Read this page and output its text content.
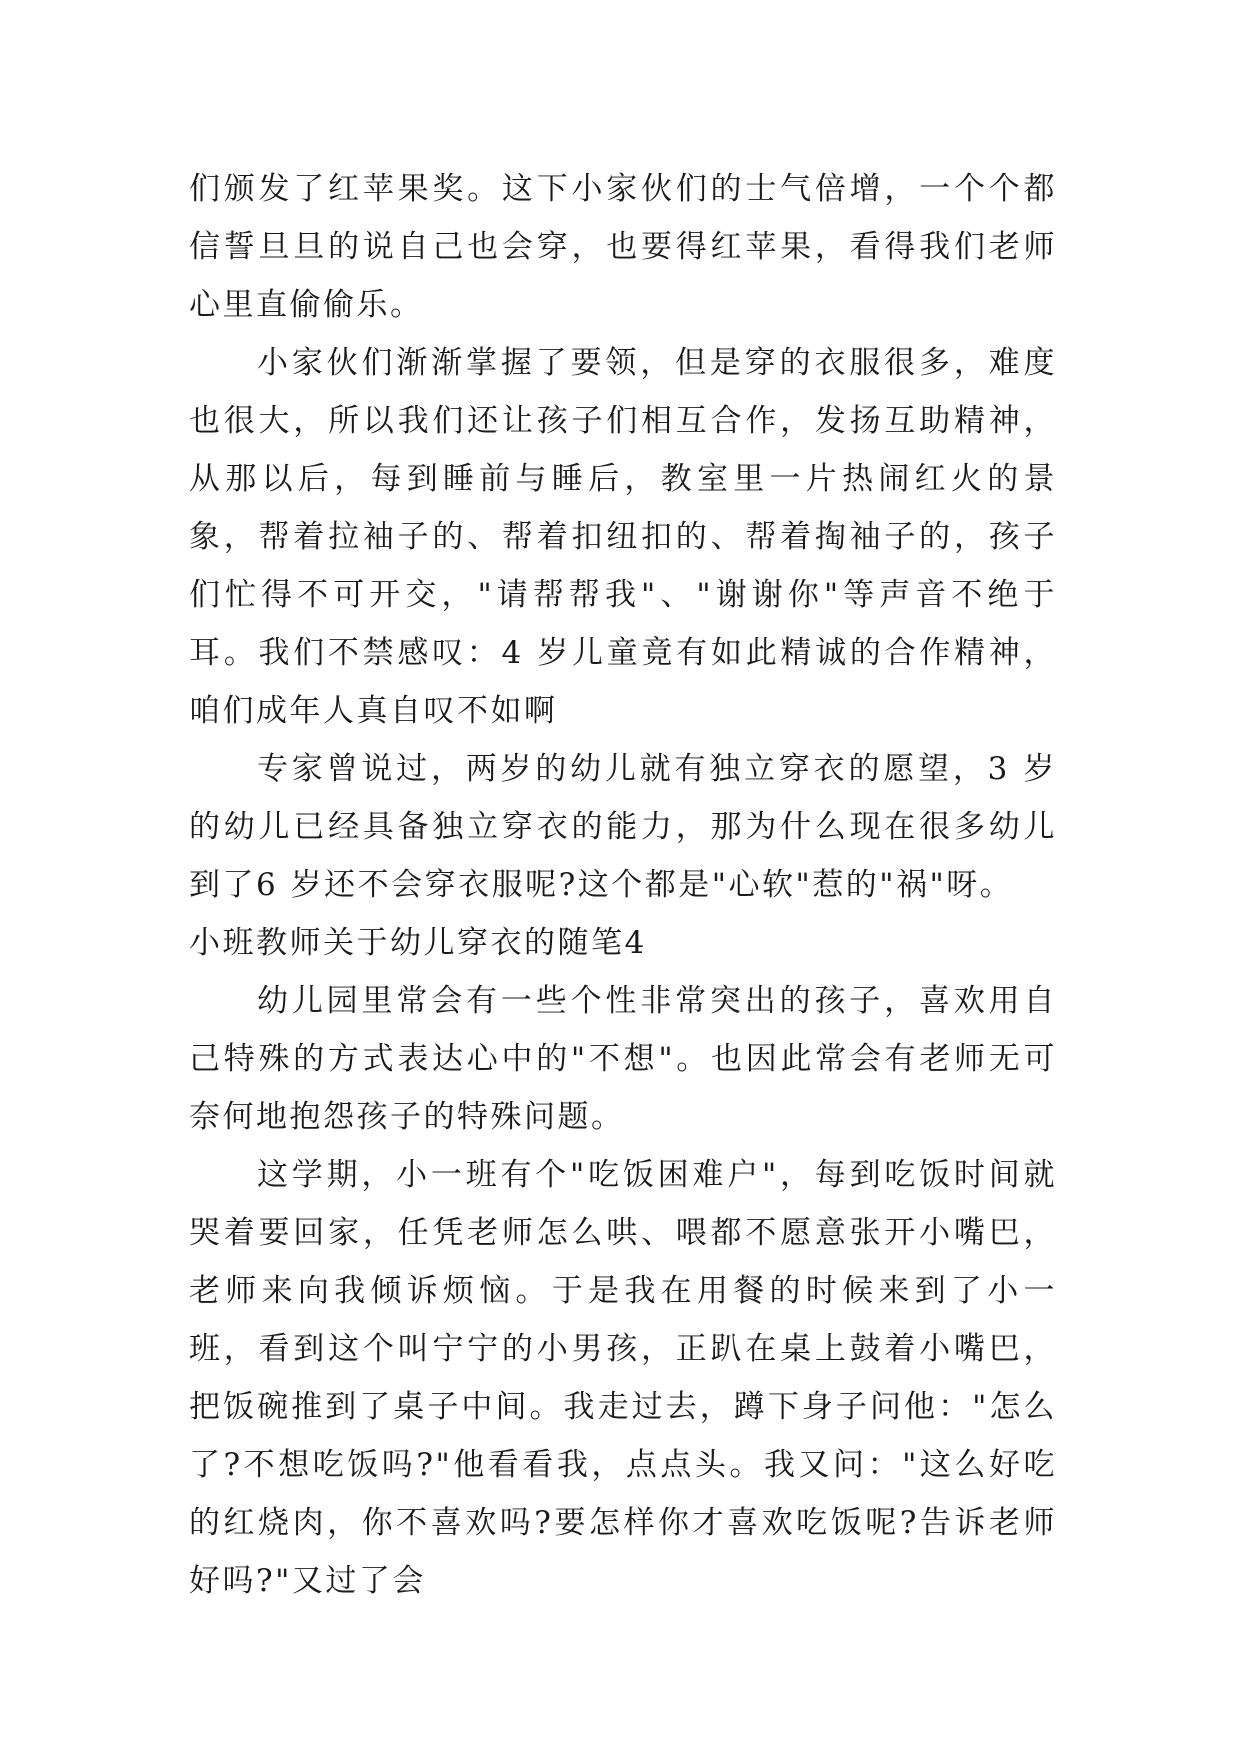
们颁发了红苹果奖。这下小家伙们的士气倍增，一个个都信誓旦旦的说自己也会穿，也要得红苹果，看得我们老师心里直偷偷乐。

小家伙们渐渐掌握了要领，但是穿的衣服很多，难度也很大，所以我们还让孩子们相互合作，发扬互助精神，从那以后，每到睡前与睡后，教室里一片热闹红火的景象，帮着拉袖子的、帮着扣纽扣的、帮着掏袖子的，孩子们忙得不可开交，"请帮帮我"、"谢谢你"等声音不绝于耳。我们不禁感叹：4 岁儿童竟有如此精诚的合作精神，咱们成年人真自叹不如啊

专家曾说过，两岁的幼儿就有独立穿衣的愿望，3 岁的幼儿已经具备独立穿衣的能力，那为什么现在很多幼儿到了6 岁还不会穿衣服呢?这个都是"心软"惹的"祸"呀。

小班教师关于幼儿穿衣的随笔4

幼儿园里常会有一些个性非常突出的孩子，喜欢用自己特殊的方式表达心中的"不想"。也因此常会有老师无可奈何地抱怨孩子的特殊问题。

这学期，小一班有个"吃饭困难户"，每到吃饭时间就哭着要回家，任凭老师怎么哄、喂都不愿意张开小嘴巴，老师来向我倾诉烦恼。于是我在用餐的时候来到了小一班，看到这个叫宁宁的小男孩，正趴在桌上鼓着小嘴巴，把饭碗推到了桌子中间。我走过去，蹲下身子问他："怎么了?不想吃饭吗?"他看看我，点点头。我又问："这么好吃的红烧肉，你不喜欢吗?要怎样你才喜欢吃饭呢?告诉老师好吗?"又过了会
